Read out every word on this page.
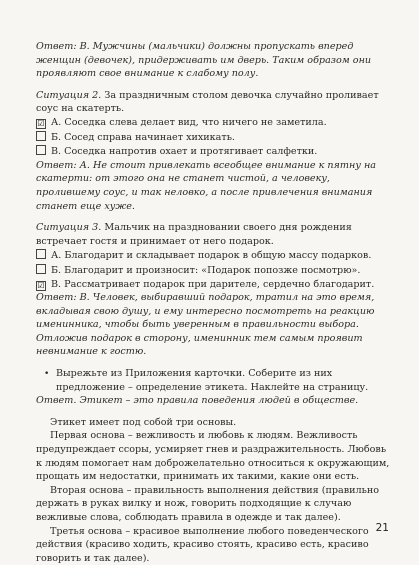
Ответ: В. Мужчины (мальчики) должны пропускать вперед женщин (девочек), придерживать им дверь. Таким образом они проявляют свое внимание к слабому полу.

Ситуация 2. За праздничным столом девочка случайно проливает соус на скатерть.

☑ А. Соседка слева делает вид, что ничего не заметила.
Б. Сосед справа начинает хихикать.
В. Соседка напротив охает и протягивает салфетки.

Ответ: А. Не стоит привлекать всеобщее внимание к пятну на скатерти: от этого она не станет чистой, а человеку, пролившему соус, и так неловко, а после привлечения внимания станет еще хуже.

Ситуация 3. Мальчик на праздновании своего дня рождения встречает гостя и принимает от него подарок.

А. Благодарит и складывает подарок в общую массу подарков.
Б. Благодарит и произносит: «Подарок попозже посмотрю».
☑ В. Рассматривает подарок при дарителе, сердечно благодарит.

Ответ: В. Человек, выбиравший подарок, тратил на это время, вкладывая свою душу, и ему интересно посмотреть на реакцию именинника, чтобы быть уверенным в правильности выбора. Отложив подарок в сторону, именинник тем самым проявит невнимание к гостю.

• Вырежьте из Приложения карточки. Соберите из них предложение – определение этикета. Наклейте на страницу.

Ответ. Этикет – это правила поведения людей в обществе.

Этикет имеет под собой три основы.

Первая основа – вежливость и любовь к людям. Вежливость предупреждает ссоры, усмиряет гнев и раздражительность. Любовь к людям помогает нам доброжелательно относиться к окружающим, прощать им недостатки, принимать их такими, какие они есть.

Вторая основа – правильность выполнения действия (правильно держать в руках вилку и нож, говорить подходящие к случаю вежливые слова, соблюдать правила в одежде и так далее).

Третья основа – красивое выполнение любого поведенческого действия (красиво ходить, красиво стоять, красиво есть, красиво говорить и так далее).

21
